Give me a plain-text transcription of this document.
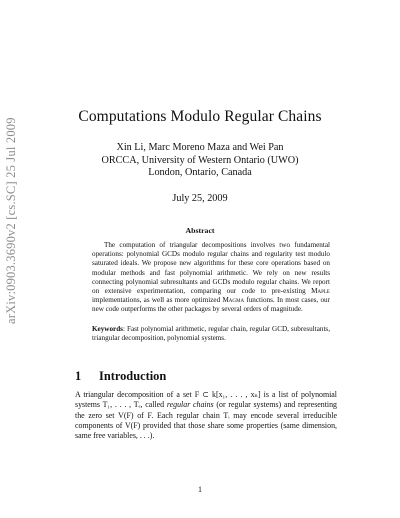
arXiv:0903.3690v2 [cs.SC] 25 Jul 2009
Computations Modulo Regular Chains
Xin Li, Marc Moreno Maza and Wei Pan
ORCCA, University of Western Ontario (UWO)
London, Ontario, Canada
July 25, 2009
Abstract
The computation of triangular decompositions involves two fundamental operations: polynomial GCDs modulo regular chains and regularity test modulo saturated ideals. We propose new algorithms for these core operations based on modular methods and fast polynomial arithmetic. We rely on new results connecting polynomial subresultants and GCDs modulo regular chains. We report on extensive experimentation, comparing our code to pre-existing Maple implementations, as well as more optimized Magma functions. In most cases, our new code outperforms the other packages by several orders of magnitude.
Keywords: Fast polynomial arithmetic, regular chain, regular GCD, subresultants, triangular decomposition, polynomial systems.
1 Introduction
A triangular decomposition of a set F ⊂ k[x₁, . . . , xₙ] is a list of polynomial systems T₁, . . . , Tₑ, called regular chains (or regular systems) and representing the zero set V(F) of F. Each regular chain Tᵢ may encode several irreducible components of V(F) provided that those share some properties (same dimension, same free variables, . . .).
1
